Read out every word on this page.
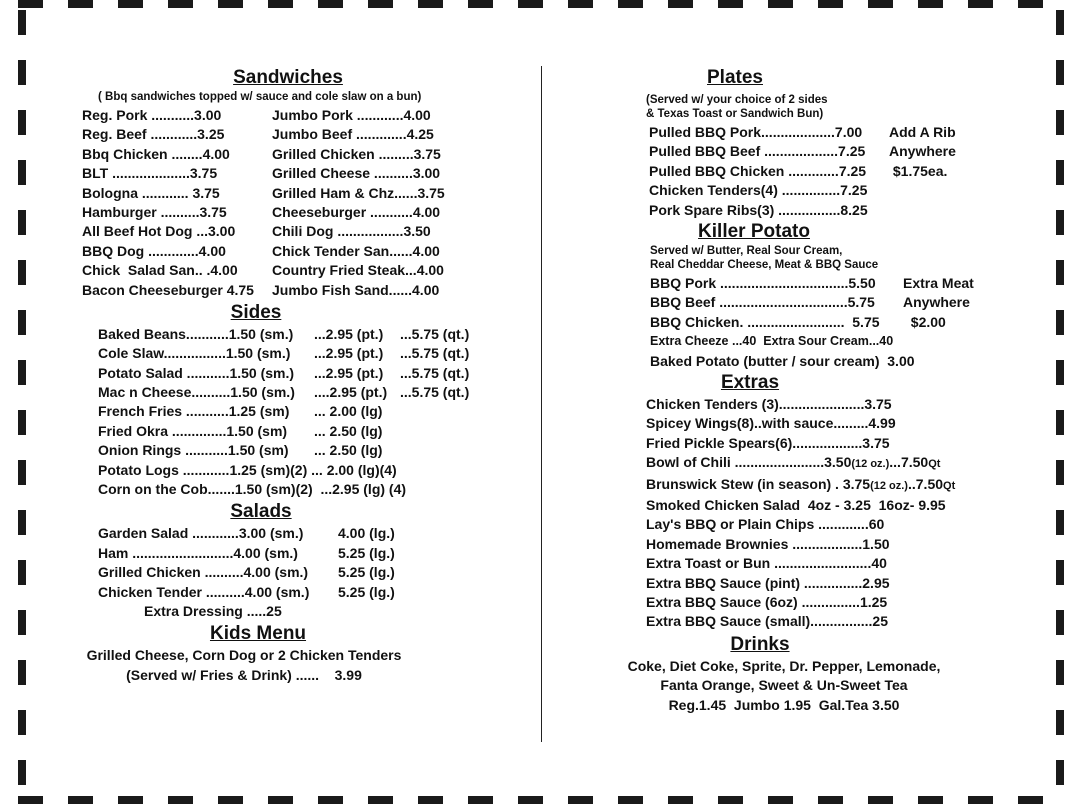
Sandwiches
( Bbq sandwiches topped w/ sauce and cole slaw on a bun)
Reg. Pork ...........3.00	Jumbo Pork ............4.00
Reg. Beef ............3.25	Jumbo Beef .............4.25
Bbq Chicken ........4.00	Grilled Chicken .........3.75
BLT ....................3.75	Grilled Cheese ..........3.00
Bologna ............ 3.75	Grilled Ham & Chz......3.75
Hamburger ..........3.75	Cheeseburger ...........4.00
All Beef Hot Dog ...3.00	Chili Dog .................3.50
BBQ Dog .............4.00	Chick Tender San......4.00
Chick  Salad San.. .4.00 Country Fried Steak...4.00
Bacon Cheeseburger 4.75 Jumbo Fish Sand......4.00
Sides
Baked Beans...........1.50 (sm.) ...2.95 (pt.) ...5.75 (qt.)
Cole Slaw................1.50 (sm.) ...2.95 (pt.) ...5.75 (qt.)
Potato Salad ...........1.50 (sm.) ...2.95 (pt.) ...5.75 (qt.)
Mac n Cheese..........1.50 (sm.) ....2.95 (pt.) ...5.75 (qt.)
French Fries ...........1.25 (sm) ... 2.00 (lg)
Fried Okra ..............1.50 (sm) ... 2.50 (lg)
Onion Rings ...........1.50 (sm) ... 2.50 (lg)
Potato Logs ............1.25 (sm)(2) ... 2.00 (lg)(4)
Corn on the Cob.......1.50 (sm)(2)  ...2.95 (lg) (4)
Salads
Garden Salad ............3.00 (sm.) 4.00 (lg.)
Ham ..........................4.00 (sm.)	5.25 (lg.)
Grilled Chicken ..........4.00 (sm.) 5.25 (lg.)
Chicken Tender ..........4.00 (sm.) 5.25 (lg.)
Extra Dressing .....25
Kids Menu
Grilled Cheese, Corn Dog or 2 Chicken Tenders
(Served w/ Fries & Drink) ......    3.99
Plates
(Served w/ your choice of 2 sides
& Texas Toast or Sandwich Bun)
Pulled BBQ Pork...................7.00 Add A Rib
Pulled BBQ Beef ...................7.25 Anywhere
Pulled BBQ Chicken .............7.25 $1.75ea.
Chicken Tenders(4) ...............7.25
Pork Spare Ribs(3) ................8.25
Killer Potato
Served w/ Butter, Real Sour Cream,
Real Cheddar Cheese, Meat & BBQ Sauce
BBQ Pork .................................5.50 Extra Meat
BBQ Beef .................................5.75 Anywhere
BBQ Chicken. .........................  5.75 $2.00
Extra Cheeze ...40  Extra Sour Cream...40
Baked Potato (butter / sour cream)  3.00
Extras
Chicken Tenders (3)......................3.75
Spicey Wings(8)..with sauce.........4.99
Fried Pickle Spears(6)..................3.75
Bowl of Chili .......................3.50(12 oz.)...7.50Qt
Brunswick Stew (in season) . 3.75(12 oz.)..7.50Qt
Smoked Chicken Salad  4oz - 3.25  16oz- 9.95
Lay's BBQ or Plain Chips .............60
Homemade Brownies ..................1.50
Extra Toast or Bun .........................40
Extra BBQ Sauce (pint) ...............2.95
Extra BBQ Sauce (6oz) ...............1.25
Extra BBQ Sauce (small)................25
Drinks
Coke, Diet Coke, Sprite, Dr. Pepper, Lemonade,
Fanta Orange, Sweet & Un-Sweet Tea
Reg.1.45  Jumbo 1.95  Gal.Tea 3.50
